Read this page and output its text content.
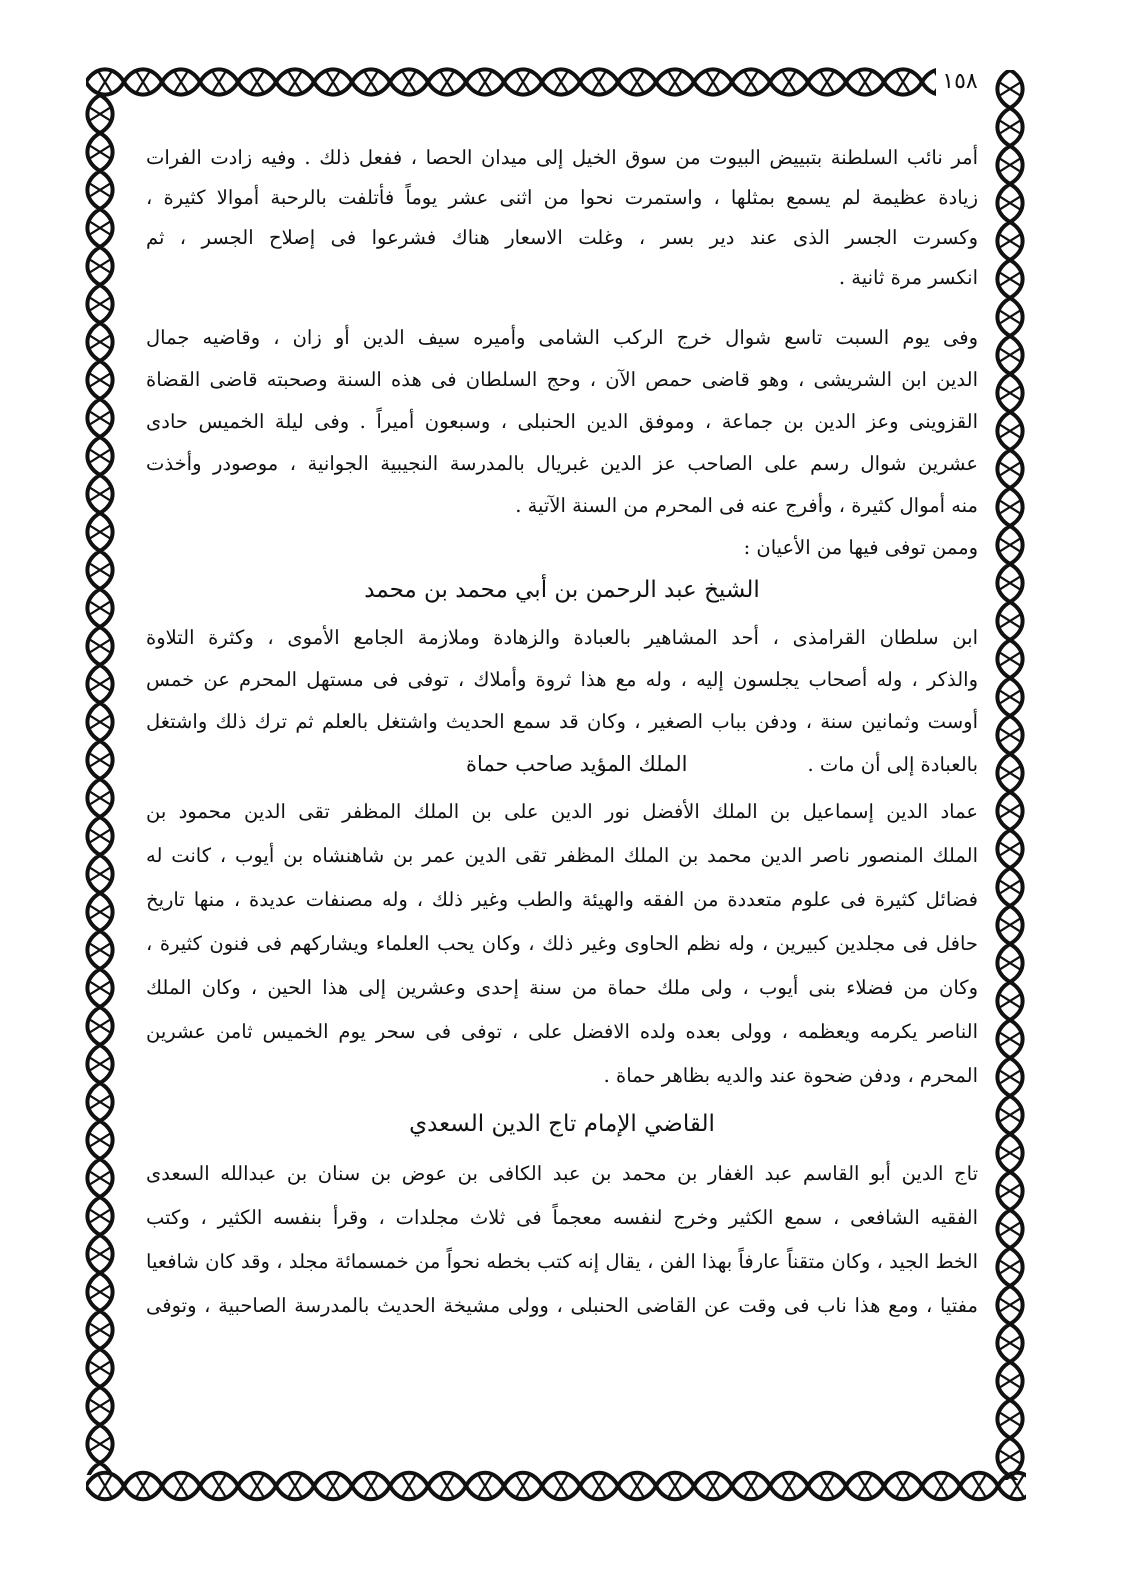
١٥٨
أمر نائب السلطنة بتبييض البيوت من سوق الخيل إلى ميدان الحصا ، ففعل ذلك . وفيه زادت الفرات
زيادة عظيمة لم يسمع بمثلها ، واستمرت نحوا من اثنى عشر يوماً فأتلفت بالرحبة أموالا كثيرة ،
وكسرت الجسر الذى عند دير بسر ، وغلت الاسعار هناك فشرعوا فى إصلاح الجسر ، ثم
انكسر مرة ثانية .
وفى يوم السبت تاسع شوال خرج الركب الشامى وأميره سيف الدين أو زان ، وقاضيه جمال
الدين ابن الشريشى ، وهو قاضى حمص الآن ، وحج السلطان فى هذه السنة وصحبته قاضى القضاة
القزوينى وعز الدين بن جماعة ، وموفق الدين الحنبلى ، وسبعون أميراً . وفى ليلة الخميس حادى
عشرين شوال رسم على الصاحب عز الدين غبريال بالمدرسة النجيبية الجوانية ، موصودر وأخذت
منه أموال كثيرة ، وأفرج عنه فى المحرم من السنة الآتية .
وممن توفى فيها من الأعيان :
الشيخ عبد الرحمن بن أبي محمد بن محمد
ابن سلطان القرامذى ، أحد المشاهير بالعبادة والزهادة وملازمة الجامع الأموى ، وكثرة التلاوة
والذكر ، وله أصحاب يجلسون إليه ، وله مع هذا ثروة وأملاك ، توفى فى مستهل المحرم عن خمس
أوست وثمانين سنة ، ودفن بباب الصغير ، وكان قد سمع الحديث واشتغل بالعلم ثم ترك ذلك واشتغل
بالعبادة إلى أن مات .الملك المؤيد صاحب حماة
عماد الدين إسماعيل بن الملك الأفضل نور الدين على بن الملك المظفر تقى الدين محمود بن
الملك المنصور ناصر الدين محمد بن الملك المظفر تقى الدين عمر بن شاهنشاه بن أيوب ، كانت له
فضائل كثيرة فى علوم متعددة من الفقه والهيئة والطب وغير ذلك ، وله مصنفات عديدة ، منها تاريخ
حافل فى مجلدين كبيرين ، وله نظم الحاوى وغير ذلك ، وكان يحب العلماء ويشاركهم فى فنون كثيرة ،
وكان من فضلاء بنى أيوب ، ولى ملك حماة من سنة إحدى وعشرين إلى هذا الحين ، وكان الملك
الناصر يكرمه ويعظمه ، وولى بعده ولده الافضل على ، توفى فى سحر يوم الخميس ثامن عشرين
المحرم ، ودفن ضحوة عند والديه بظاهر حماة .
القاضي الإمام تاج الدين السعدي
تاج الدين أبو القاسم عبد الغفار بن محمد بن عبد الكافى بن عوض بن سنان بن عبدالله السعدى
الفقيه الشافعى ، سمع الكثير وخرج لنفسه معجماً فى ثلاث مجلدات ، وقرأ بنفسه الكثير ، وكتب
الخط الجيد ، وكان متقناً عارفاً بهذا الفن ، يقال إنه كتب بخطه نحواً من خمسمائة مجلد ، وقد كان شافعيا
مفتيا ، ومع هذا ناب فى وقت عن القاضى الحنبلى ، وولى مشيخة الحديث بالمدرسة الصاحبية ، وتوفى
